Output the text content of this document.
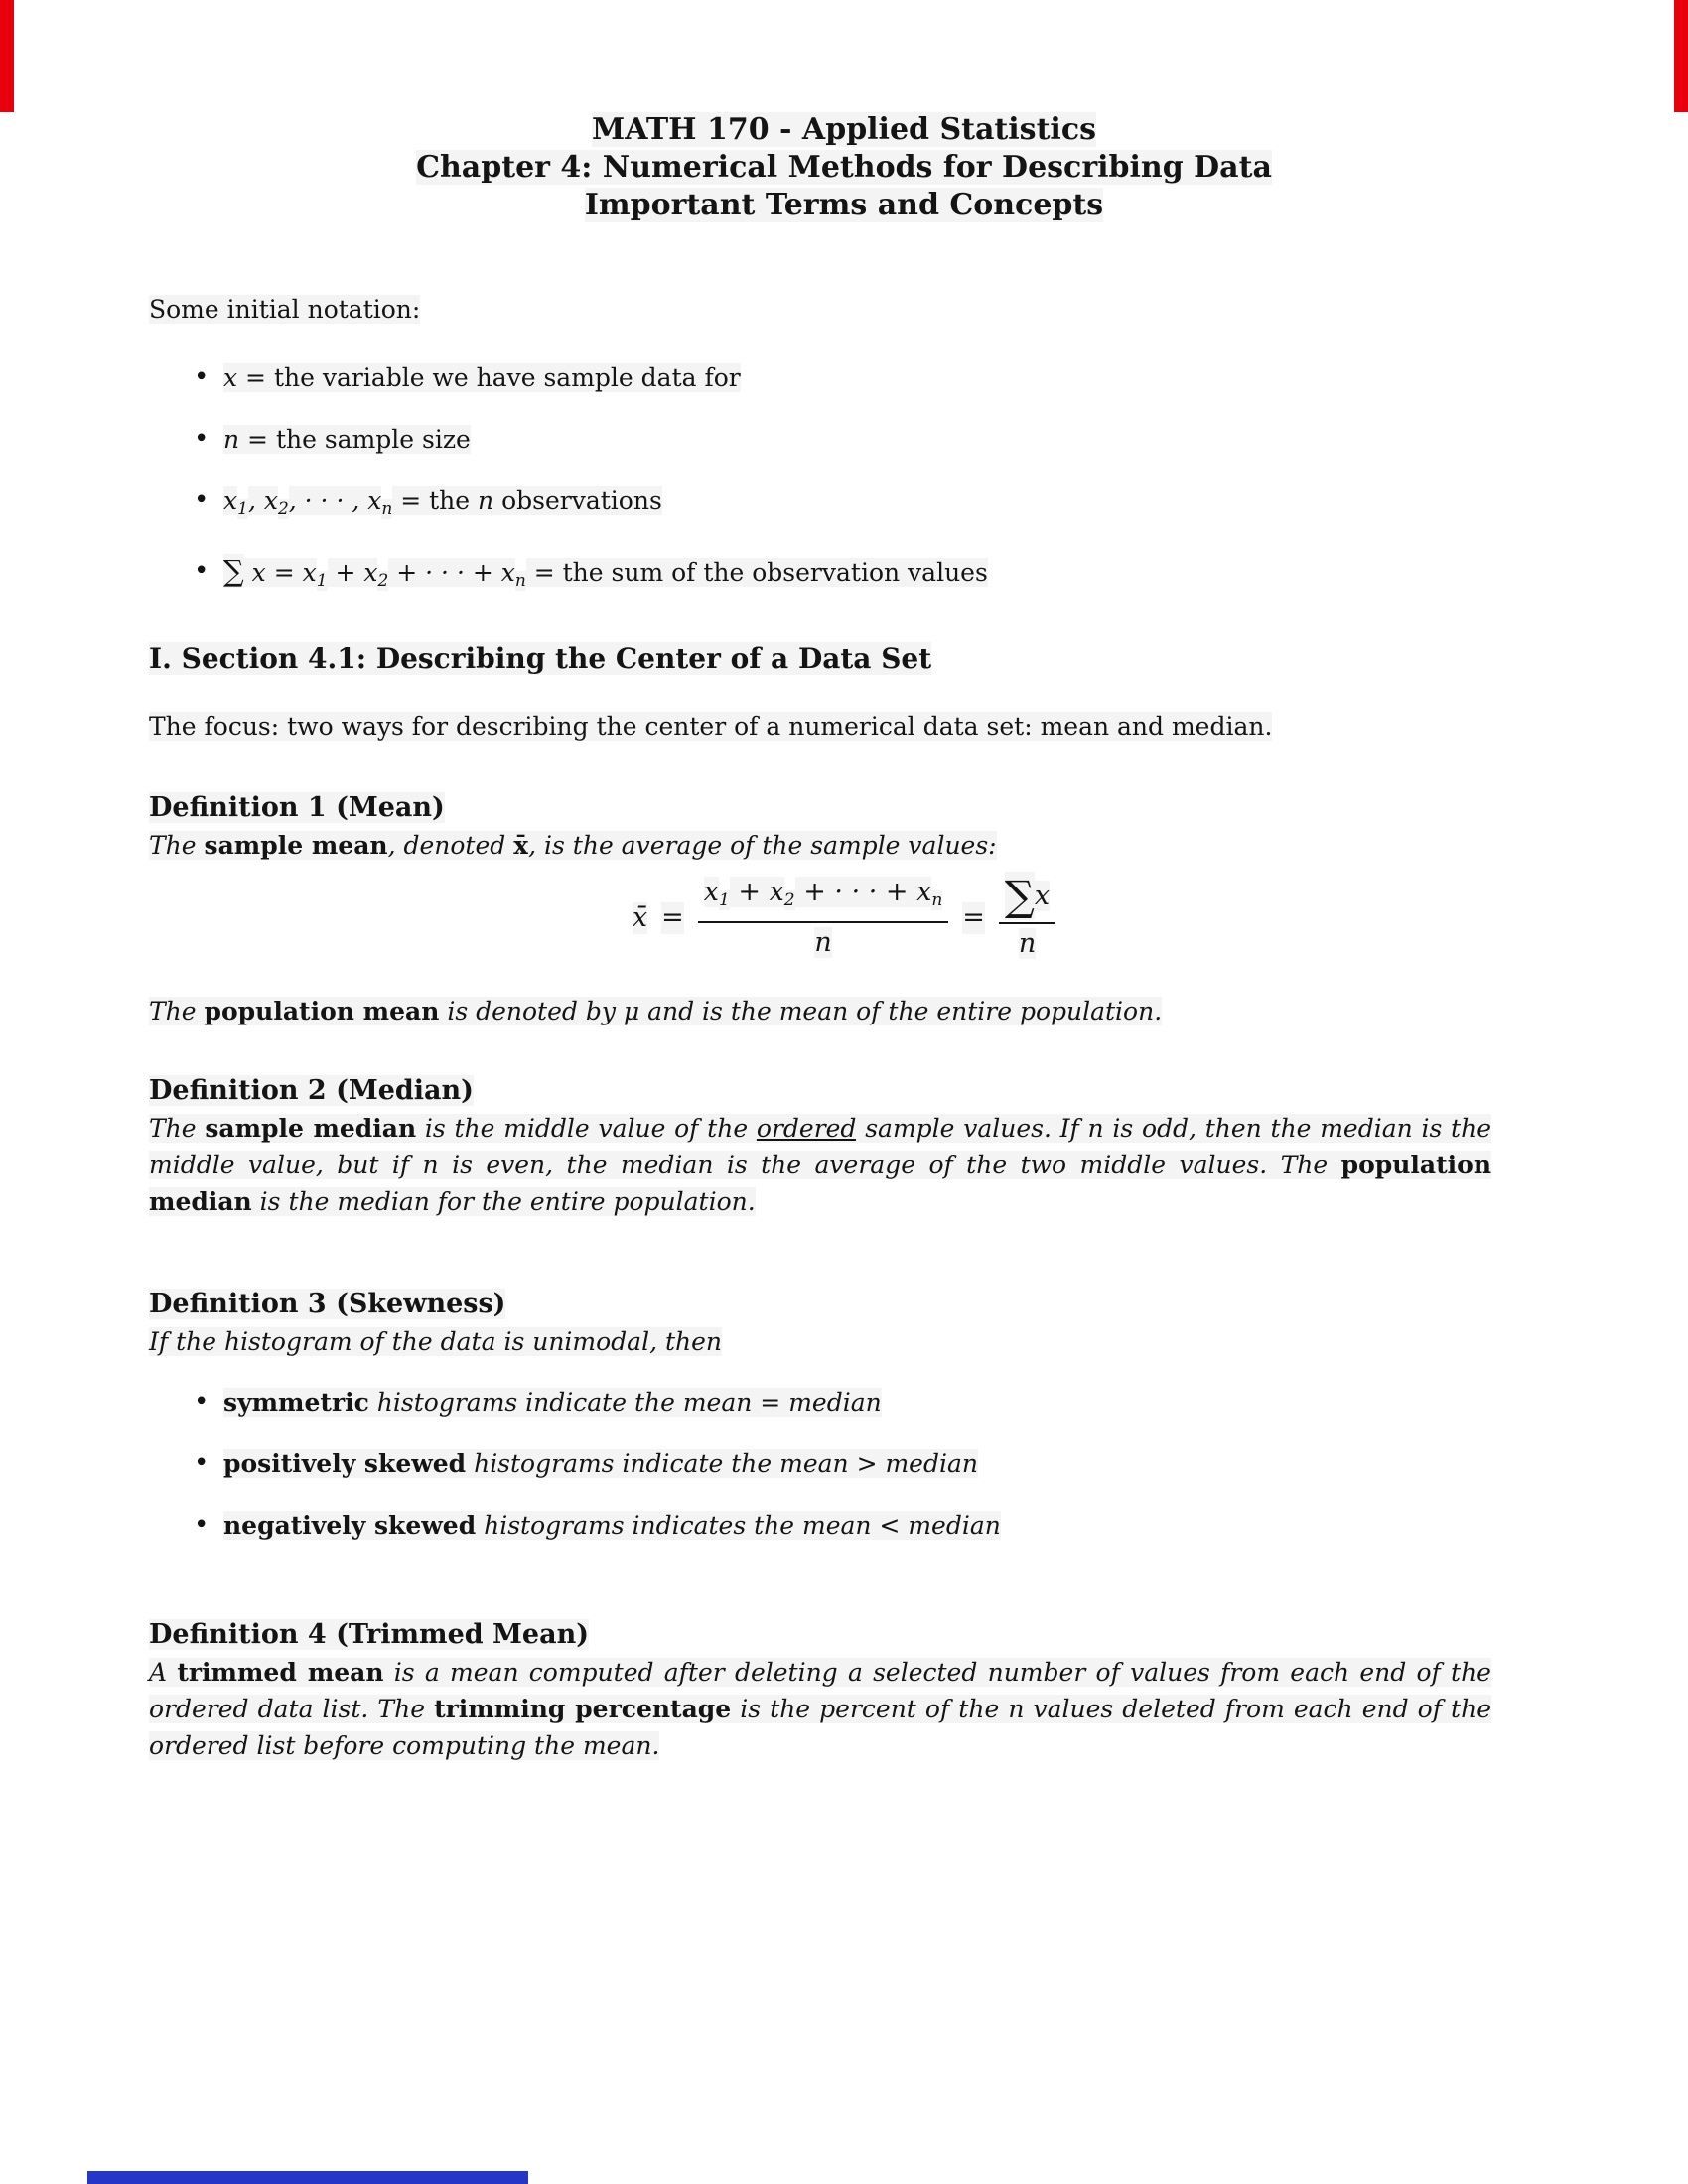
MATH 170 - Applied Statistics
Chapter 4: Numerical Methods for Describing Data
Important Terms and Concepts
Some initial notation:
• x = the variable we have sample data for
• n = the sample size
• $x_1$, $x_2$, · · · , $x_n$ = the n observations
• ∑ $x = x_1 + x_2$ + · · · + $x_n$ = the sum of the observation values
I. Section 4.1: Describing the Center of a Data Set
The focus: two ways for describing the center of a numerical data set: mean and median.
Definition 1 (Mean)
The sample mean, denoted x̄, is the average of the sample values:
x̄ = $\frac{x_1 + x_2 + \cdot \cdot \cdot + x_n}{n} = \frac{\sum x}{n}$
The population mean is denoted by μ and is the mean of the entire population.
Definition 2 (Median)
The sample median is the middle value of the ordered sample values. If n is odd, then the median is the middle value, but if n is even, the median is the average of the two middle values. The population median is the median for the entire population.
Definition 3 (Skewness)
If the histogram of the data is unimodal, then
• symmetric histograms indicate the mean = median
• positively skewed histograms indicate the mean > median
• negatively skewed histograms indicates the mean < median
Definition 4 (Trimmed Mean)
A trimmed mean is a mean computed after deleting a selected number of values from each end of the ordered data list. The trimming percentage is the percent of the n values deleted from each end of the ordered list before computing the mean.
